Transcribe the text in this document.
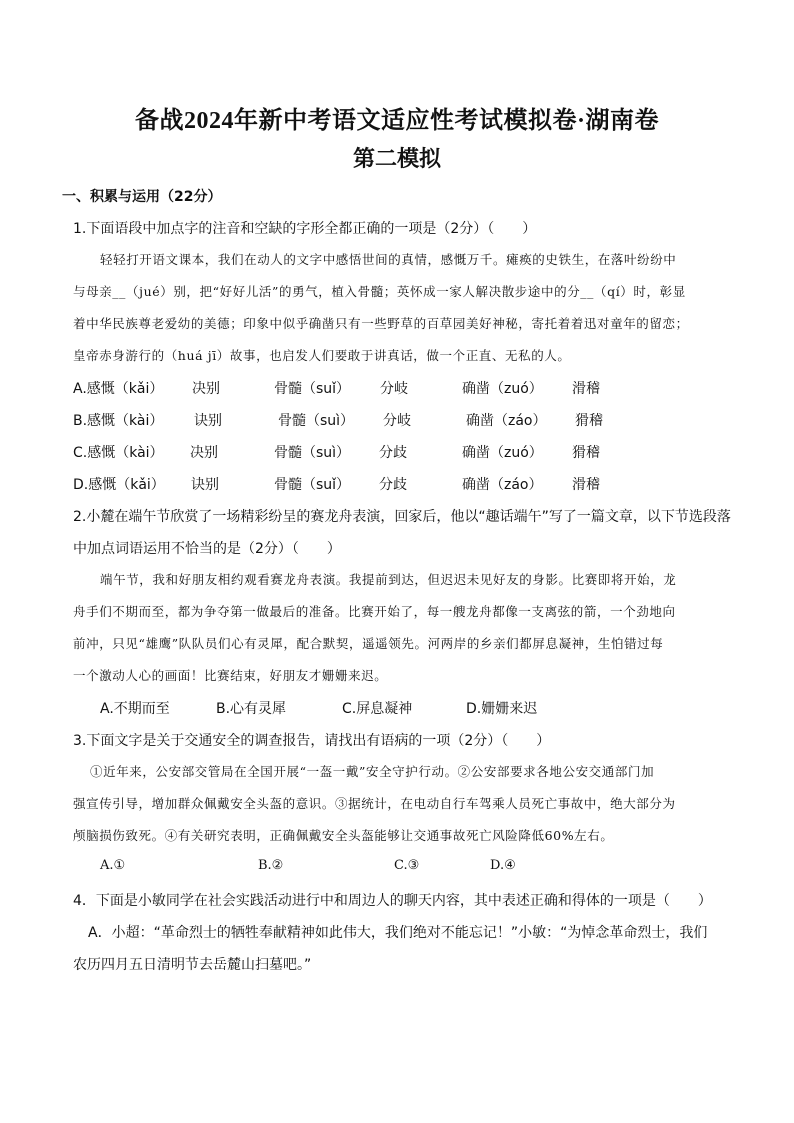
备战2024年新中考语文适应性考试模拟卷·湖南卷
第二模拟
一、积累与运用（22分）
1.下面语段中加点字的注音和空缺的字形全都正确的一项是（2分）（　　）
轻轻打开语文课本，我们在动人的文字中感悟世间的真情，感慨万千。瘫痪的史铁生，在落叶纷纷中
与母亲__（jué）别，把“好好儿活”的勇气，植入骨髓；英怀成一家人解决散步途中的分__（qí）时，彰显
着中华民族尊老爱幼的美德；印象中似乎确凿只有一些野草的百草园美好神秘，寄托着着迅对童年的留恋；
皇帝赤身游行的（huá jī）故事，也启发人们要敢于讲真话，做一个正直、无私的人。
A.感慨（kǎi） 决别	骨髓（suǐ） 分岐	确凿（zuó） 滑稽
B.感慨（kài） 诀别	骨髓（suì） 分岐	确凿（záo） 猾稽
C.感慨（kài） 决别	骨髓（suì） 分歧	确凿（zuó） 猾稽
D.感慨（kǎi） 诀别	骨髓（suǐ） 分歧	确凿（záo） 滑稽
2.小麓在端午节欣赏了一场精彩纷呈的赛龙舟表演，回家后，他以“趣话端午”写了一篇文章，以下节选段落
中加点词语运用不恰当的是（2分）（　　）
端午节，我和好朋友相约观看赛龙舟表演。我提前到达，但迟迟未见好友的身影。比赛即将开始，龙
舟手们不期而至，都为争夺第一做最后的准备。比赛开始了，每一艘龙舟都像一支离弦的箭，一个劲地向
前冲，只见“雄鹰”队队员们心有灵犀，配合默契，遥遥领先。河两岸的乡亲们都屏息凝神，生怕错过每
一个激动人心的画面！比赛结束，好朋友才姗姗来迟。
A.不期而至	B.心有灵犀	C.屏息凝神	D.姗姗来迟
3.下面文字是关于交通安全的调查报告，请找出有语病的一项（2分）（　　）
①近年来，公安部交管局在全国开展“一盔一戴”安全守护行动。②公安部要求各地公安交通部门加
强宣传引导，增加群众佩戴安全头盔的意识。③据统计，在电动自行车驾乘人员死亡事故中，绝大部分为
颅脑损伤致死。④有关研究表明，正确佩戴安全头盔能够让交通事故死亡风险降低60%左右。
A.①	B.②	C.③	D.④
4．下面是小敏同学在社会实践活动进行中和周边人的聊天内容，其中表述正确和得体的一项是（　　）
A．小超：“革命烈士的牺牲奉献精神如此伟大，我们绝对不能忘记！”小敏：“为悼念革命烈士，我们
农历四月五日清明节去岳麓山扫墓吧。”
